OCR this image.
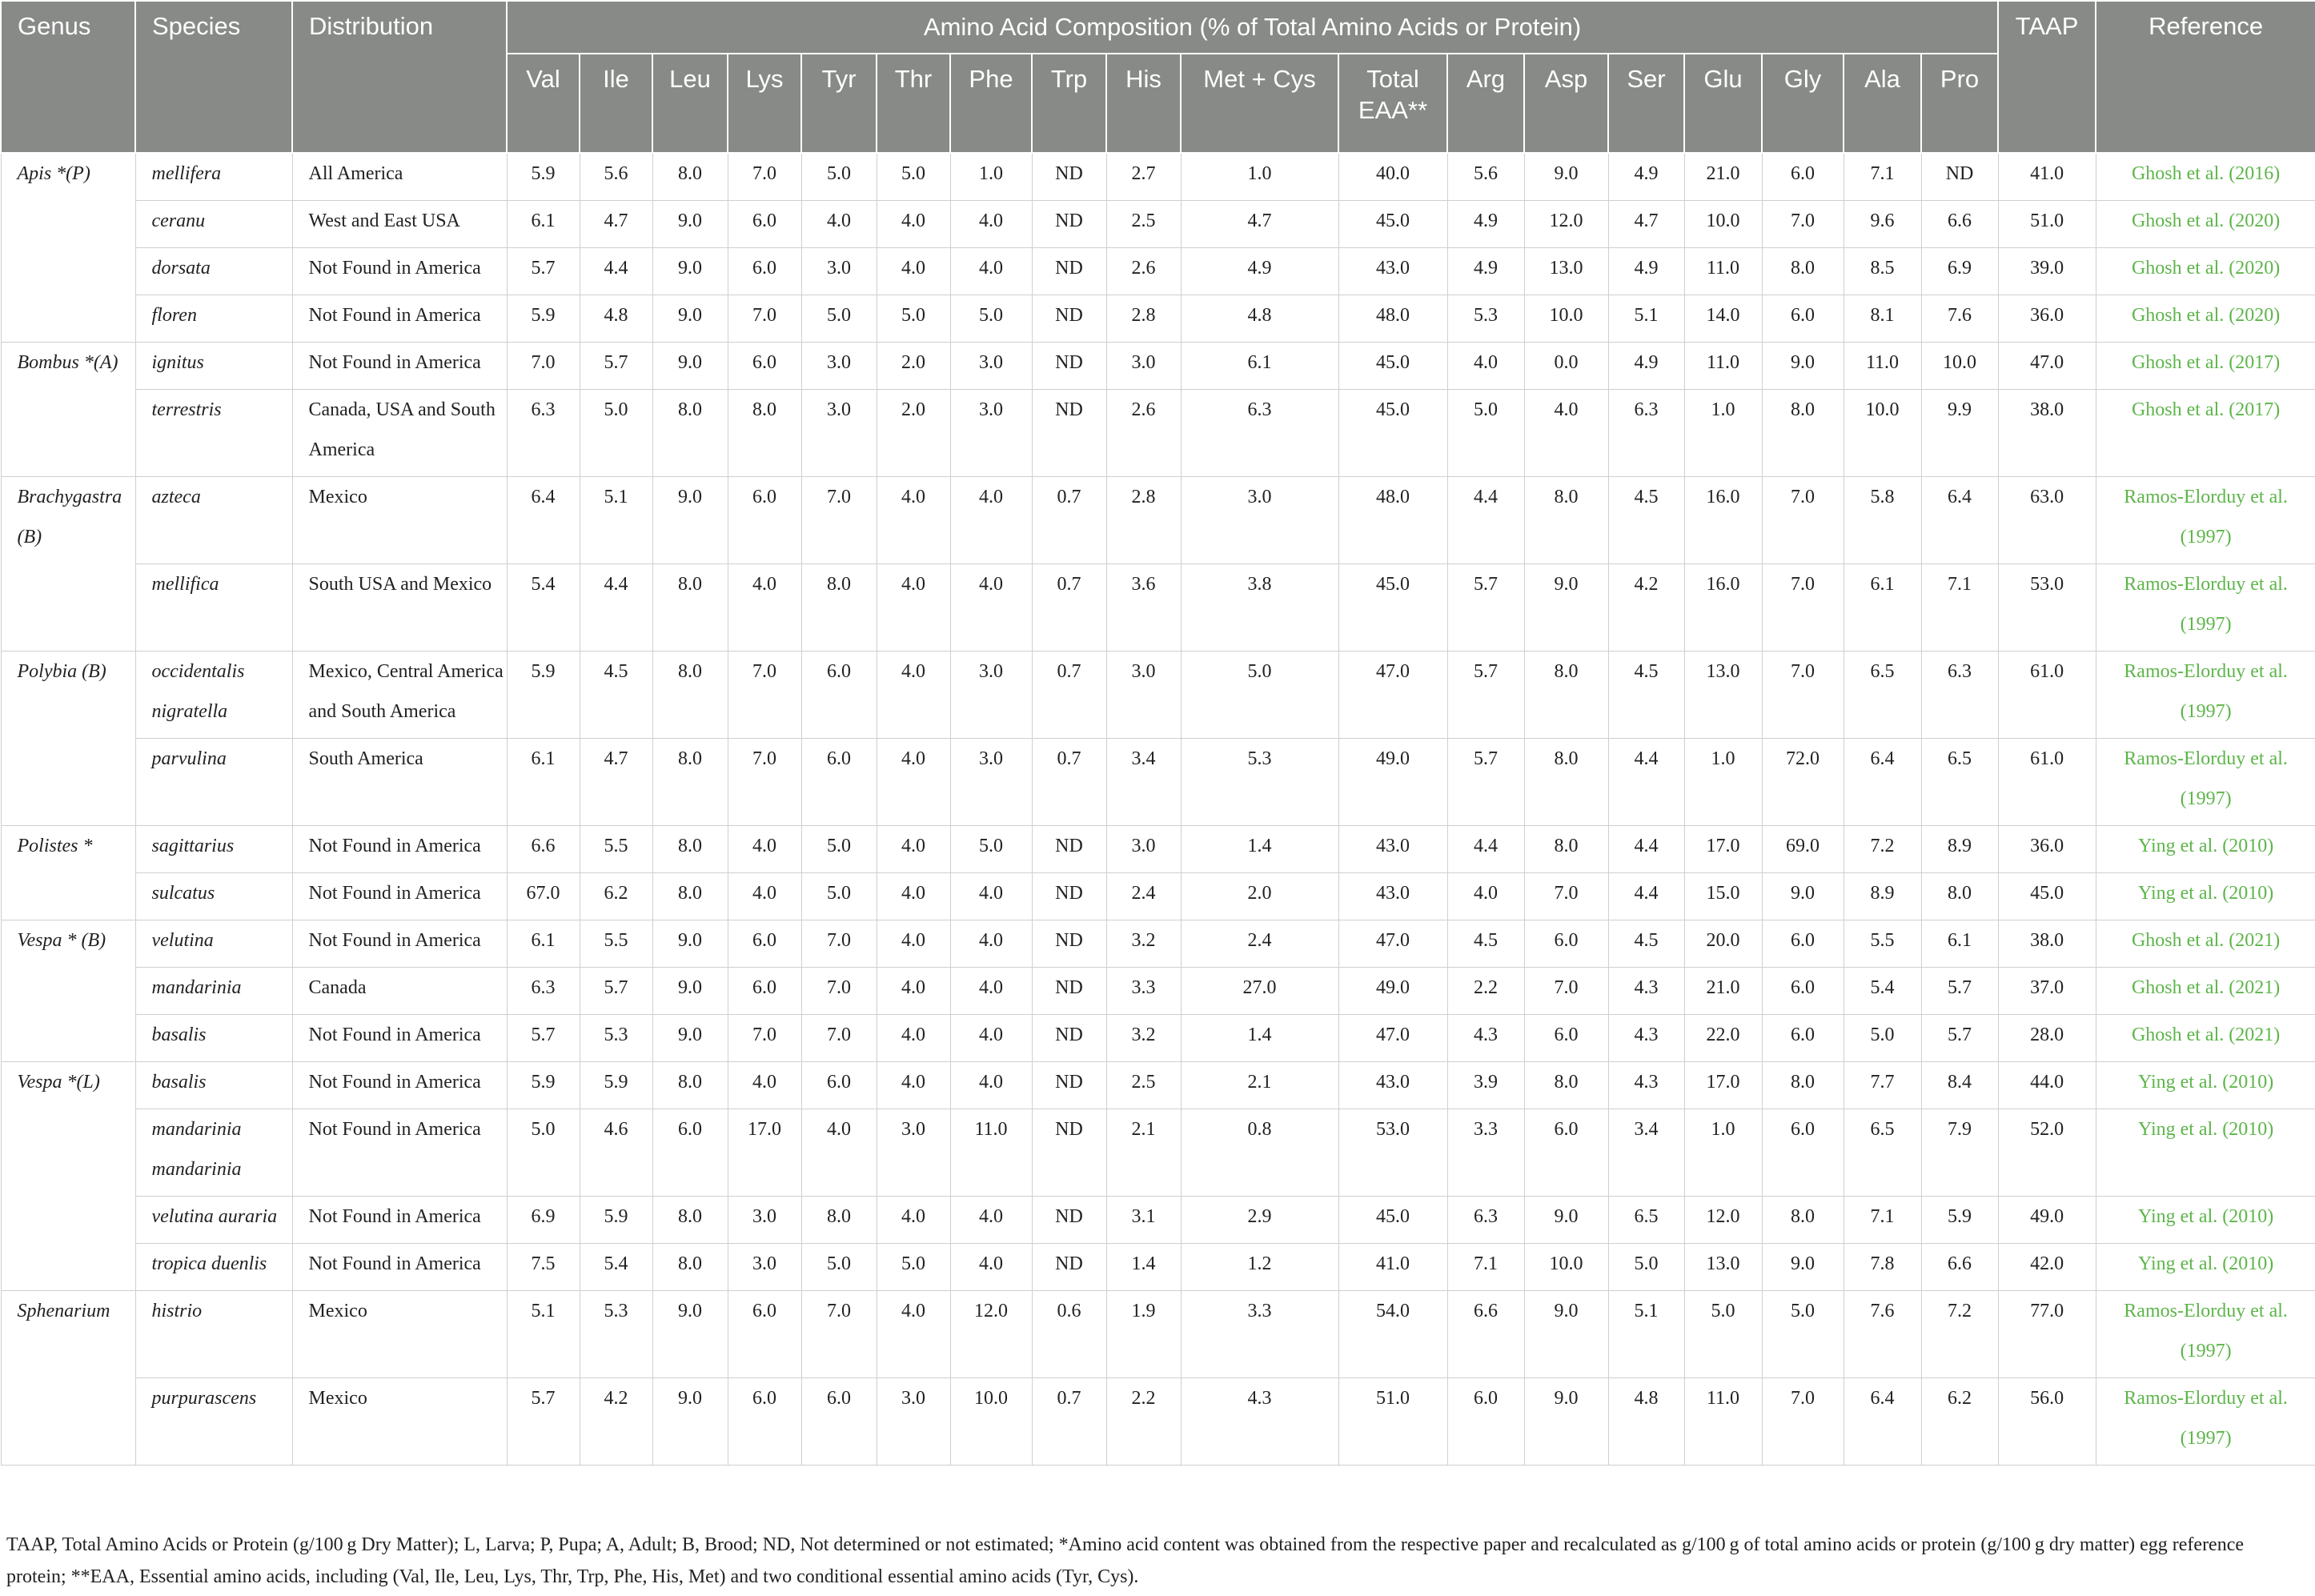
Genus	Species	Distribution	Amino Acid Composition (% of Total Amino Acids or Protein)																		TAAP	Reference
			Val	Ile	Leu	Lys	Tyr	Thr	Phe	Trp	His	Met + Cys	Total EAA**	Arg	Asp	Ser	Glu	Gly	Ala	Pro		
Apis *(P)	mellifera	All America	5.9	5.6	8.0	7.0	5.0	5.0	1.0	ND	2.7	1.0	40.0	5.6	9.0	4.9	21.0	6.0	7.1	ND	41.0	Ghosh et al. (2016)
	ceranu	West and East USA	6.1	4.7	9.0	6.0	4.0	4.0	4.0	ND	2.5	4.7	45.0	4.9	12.0	4.7	10.0	7.0	9.6	6.6	51.0	Ghosh et al. (2020)
	dorsata	Not Found in America	5.7	4.4	9.0	6.0	3.0	4.0	4.0	ND	2.6	4.9	43.0	4.9	13.0	4.9	11.0	8.0	8.5	6.9	39.0	Ghosh et al. (2020)
	floren	Not Found in America	5.9	4.8	9.0	7.0	5.0	5.0	5.0	ND	2.8	4.8	48.0	5.3	10.0	5.1	14.0	6.0	8.1	7.6	36.0	Ghosh et al. (2020)
Bombus *(A)	ignitus	Not Found in America	7.0	5.7	9.0	6.0	3.0	2.0	3.0	ND	3.0	6.1	45.0	4.0	0.0	4.9	11.0	9.0	11.0	10.0	47.0	Ghosh et al. (2017)
	terrestris	Canada, USA and South America	6.3	5.0	8.0	8.0	3.0	2.0	3.0	ND	2.6	6.3	45.0	5.0	4.0	6.3	1.0	8.0	10.0	9.9	38.0	Ghosh et al. (2017)
Brachygastra (B)	azteca	Mexico	6.4	5.1	9.0	6.0	7.0	4.0	4.0	0.7	2.8	3.0	48.0	4.4	8.0	4.5	16.0	7.0	5.8	6.4	63.0	Ramos-Elorduy et al. (1997)
	mellifica	South USA and Mexico	5.4	4.4	8.0	4.0	8.0	4.0	4.0	0.7	3.6	3.8	45.0	5.7	9.0	4.2	16.0	7.0	6.1	7.1	53.0	Ramos-Elorduy et al. (1997)
Polybia (B)	occidentalis nigratella	Mexico, Central America and South America	5.9	4.5	8.0	7.0	6.0	4.0	3.0	0.7	3.0	5.0	47.0	5.7	8.0	4.5	13.0	7.0	6.5	6.3	61.0	Ramos-Elorduy et al. (1997)
	parvulina	South America	6.1	4.7	8.0	7.0	6.0	4.0	3.0	0.7	3.4	5.3	49.0	5.7	8.0	4.4	1.0	72.0	6.4	6.5	61.0	Ramos-Elorduy et al. (1997)
Polistes *	sagittarius	Not Found in America	6.6	5.5	8.0	4.0	5.0	4.0	5.0	ND	3.0	1.4	43.0	4.4	8.0	4.4	17.0	69.0	7.2	8.9	36.0	Ying et al. (2010)
	sulcatus	Not Found in America	67.0	6.2	8.0	4.0	5.0	4.0	4.0	ND	2.4	2.0	43.0	4.0	7.0	4.4	15.0	9.0	8.9	8.0	45.0	Ying et al. (2010)
Vespa * (B)	velutina	Not Found in America	6.1	5.5	9.0	6.0	7.0	4.0	4.0	ND	3.2	2.4	47.0	4.5	6.0	4.5	20.0	6.0	5.5	6.1	38.0	Ghosh et al. (2021)
	mandarinia	Canada	6.3	5.7	9.0	6.0	7.0	4.0	4.0	ND	3.3	27.0	49.0	2.2	7.0	4.3	21.0	6.0	5.4	5.7	37.0	Ghosh et al. (2021)
	basalis	Not Found in America	5.7	5.3	9.0	7.0	7.0	4.0	4.0	ND	3.2	1.4	47.0	4.3	6.0	4.3	22.0	6.0	5.0	5.7	28.0	Ghosh et al. (2021)
Vespa *(L)	basalis	Not Found in America	5.9	5.9	8.0	4.0	6.0	4.0	4.0	ND	2.5	2.1	43.0	3.9	8.0	4.3	17.0	8.0	7.7	8.4	44.0	Ying et al. (2010)
	mandarinia mandarinia	Not Found in America	5.0	4.6	6.0	17.0	4.0	3.0	11.0	ND	2.1	0.8	53.0	3.3	6.0	3.4	1.0	6.0	6.5	7.9	52.0	Ying et al. (2010)
	velutina auraria	Not Found in America	6.9	5.9	8.0	3.0	8.0	4.0	4.0	ND	3.1	2.9	45.0	6.3	9.0	6.5	12.0	8.0	7.1	5.9	49.0	Ying et al. (2010)
	tropica duenlis	Not Found in America	7.5	5.4	8.0	3.0	5.0	5.0	4.0	ND	1.4	1.2	41.0	7.1	10.0	5.0	13.0	9.0	7.8	6.6	42.0	Ying et al. (2010)
Sphenarium	histrio	Mexico	5.1	5.3	9.0	6.0	7.0	4.0	12.0	0.6	1.9	3.3	54.0	6.6	9.0	5.1	5.0	5.0	7.6	7.2	77.0	Ramos-Elorduy et al. (1997)
	purpurascens	Mexico	5.7	4.2	9.0	6.0	6.0	3.0	10.0	0.7	2.2	4.3	51.0	6.0	9.0	4.8	11.0	7.0	6.4	6.2	56.0	Ramos-Elorduy et al. (1997)
TAAP, Total Amino Acids or Protein (g/100 g Dry Matter); L, Larva; P, Pupa; A, Adult; B, Brood; ND, Not determined or not estimated; *Amino acid content was obtained from the respective paper and recalculated as g/100 g of total amino acids or protein (g/100 g dry matter) egg reference protein; **EAA, Essential amino acids, including (Val, Ile, Leu, Lys, Thr, Trp, Phe, His, Met) and two conditional essential amino acids (Tyr, Cys).
